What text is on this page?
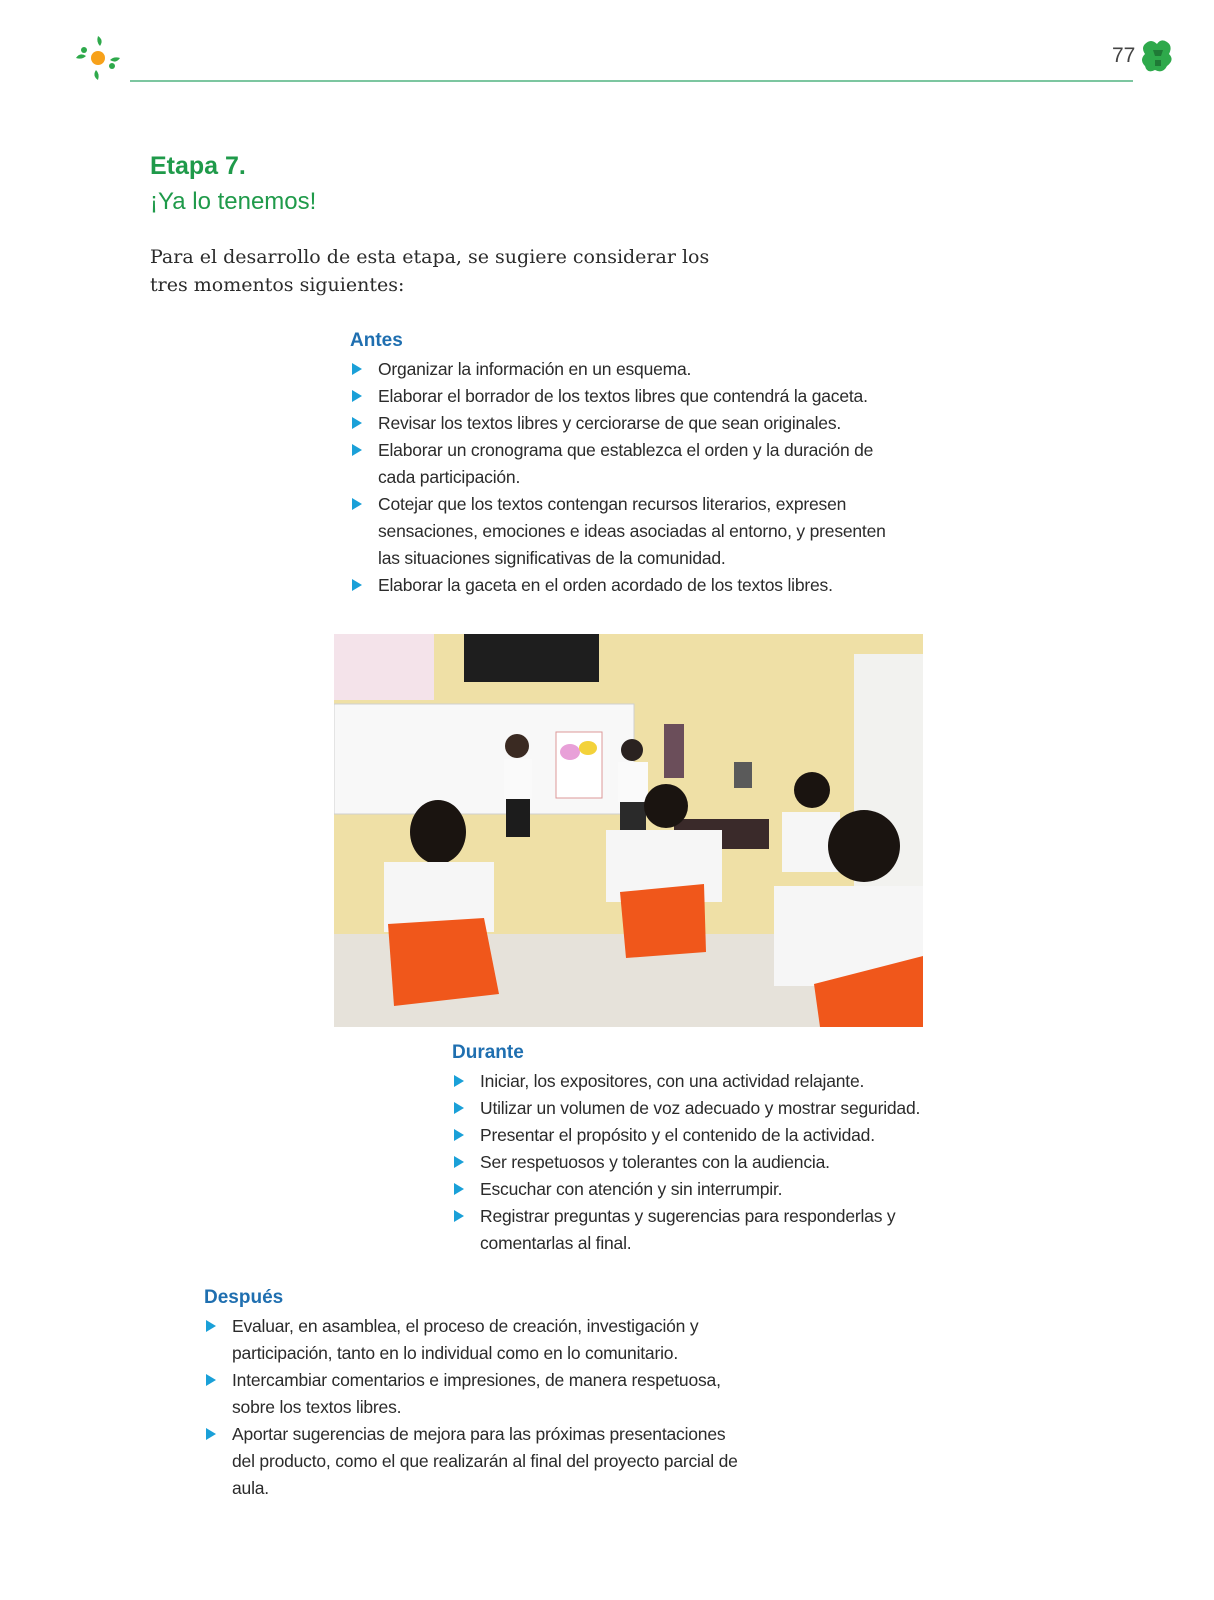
77
Etapa 7.
¡Ya lo tenemos!
Para el desarrollo de esta etapa, se sugiere considerar los tres momentos siguientes:
Antes
Organizar la información en un esquema.
Elaborar el borrador de los textos libres que contendrá la gaceta.
Revisar los textos libres y cerciorarse de que sean originales.
Elaborar un cronograma que establezca el orden y la duración de cada participación.
Cotejar que los textos contengan recursos literarios, expresen sensaciones, emociones e ideas asociadas al entorno, y presenten las situaciones significativas de la comunidad.
Elaborar la gaceta en el orden acordado de los textos libres.
Durante
Iniciar, los expositores, con una actividad relajante.
Utilizar un volumen de voz adecuado y mostrar seguridad.
Presentar el propósito y el contenido de la actividad.
Ser respetuosos y tolerantes con la audiencia.
Escuchar con atención y sin interrumpir.
Registrar preguntas y sugerencias para responderlas y comentarlas al final.
Después
Evaluar, en asamblea, el proceso de creación, investigación y participación, tanto en lo individual como en lo comunitario.
Intercambiar comentarios e impresiones, de manera respetuosa, sobre los textos libres.
Aportar sugerencias de mejora para las próximas presentaciones del producto, como el que realizarán al final del proyecto parcial de aula.
